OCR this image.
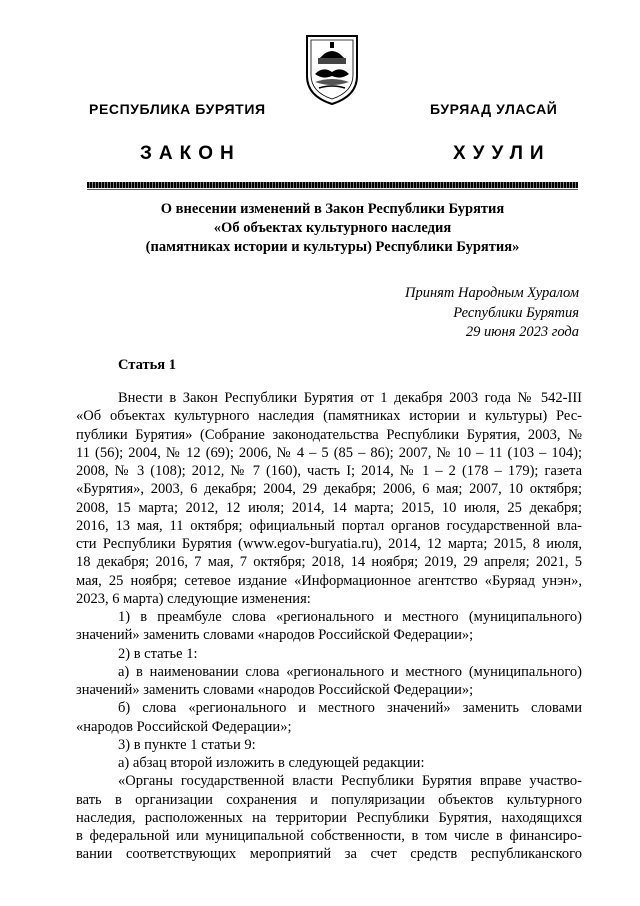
РЕСПУБЛИКА БУРЯТИЯ	БУРЯАД УЛАСАЙ
ЗАКОН	ХУУЛИ
О внесении изменений в Закон Республики Бурятия
«Об объектах культурного наследия
(памятниках истории и культуры) Республики Бурятия»
Принят Народным Хуралом
Республики Бурятия
29 июня 2023 года
Статья 1
Внести в Закон Республики Бурятия от 1 декабря 2003 года № 542-III
«Об объектах культурного наследия (памятниках истории и культуры) Рес-
публики Бурятия» (Собрание законодательства Республики Бурятия, 2003, №
11 (56); 2004, № 12 (69); 2006, № 4 – 5 (85 – 86); 2007, № 10 – 11 (103 – 104);
2008, № 3 (108); 2012, № 7 (160), часть I; 2014, № 1 – 2 (178 – 179); газета
«Бурятия», 2003, 6 декабря; 2004, 29 декабря; 2006, 6 мая; 2007, 10 октября;
2008, 15 марта; 2012, 12 июля; 2014, 14 марта; 2015, 10 июля, 25 декабря;
2016, 13 мая, 11 октября; официальный портал органов государственной вла-
сти Республики Бурятия (www.egov-buryatia.ru), 2014, 12 марта; 2015, 8 июля,
18 декабря; 2016, 7 мая, 7 октября; 2018, 14 ноября; 2019, 29 апреля; 2021, 5
мая, 25 ноября; сетевое издание «Информационное агентство «Буряад унэн»,
2023, 6 марта) следующие изменения:
1) в преамбуле слова «регионального и местного (муниципального)
значений» заменить словами «народов Российской Федерации»;
2) в статье 1:
а) в наименовании слова «регионального и местного (муниципального)
значений» заменить словами «народов Российской Федерации»;
б) слова «регионального и местного значений» заменить словами
«народов Российской Федерации»;
3) в пункте 1 статьи 9:
а) абзац второй изложить в следующей редакции:
«Органы государственной власти Республики Бурятия вправе участво-
вать в организации сохранения и популяризации объектов культурного
наследия, расположенных на территории Республики Бурятия, находящихся
в федеральной или муниципальной собственности, в том числе в финансиро-
вании соответствующих мероприятий за счет средств республиканского
